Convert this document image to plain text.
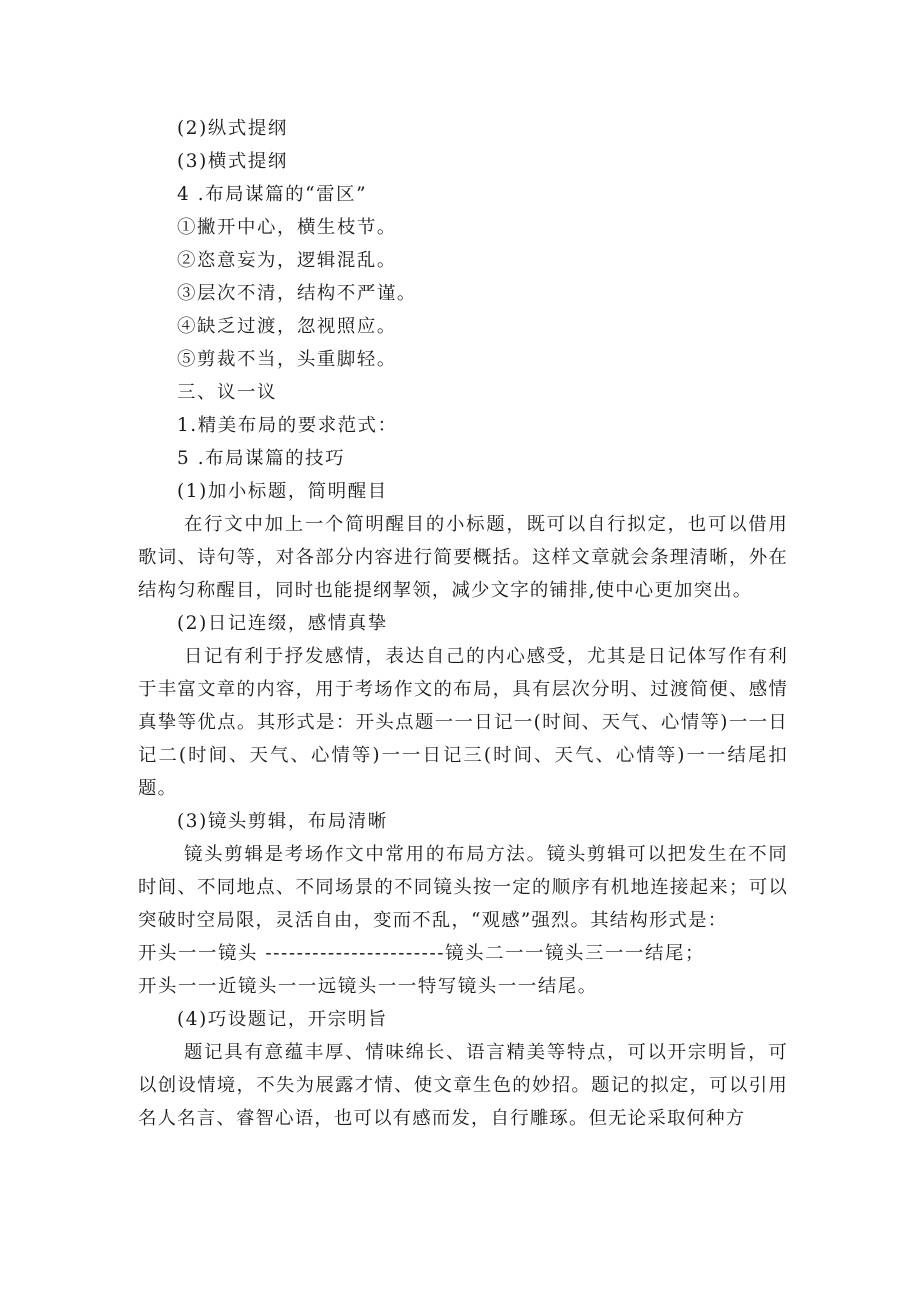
(2)纵式提纲
(3)横式提纲
4 .布局谋篇的“雷区”
①撇开中心，横生枝节。
②恣意妄为，逻辑混乱。
③层次不清，结构不严谨。
④缺乏过渡，忽视照应。
⑤剪裁不当，头重脚轻。
三、议一议
1.精美布局的要求范式：
5 .布局谋篇的技巧
(1)加小标题，简明醒目
在行文中加上一个简明醒目的小标题，既可以自行拟定，也可以借用歌词、诗句等，对各部分内容进行简要概括。这样文章就会条理清晰，外在结构匀称醒目，同时也能提纲挈领，减少文字的铺排,使中心更加突出。
(2)日记连缀，感情真挚
日记有利于抒发感情，表达自己的内心感受，尤其是日记体写作有利于丰富文章的内容，用于考场作文的布局，具有层次分明、过渡简便、感情真挚等优点。其形式是：开头点题一一日记一(时间、天气、心情等)一一日记二(时间、天气、心情等)一一日记三(时间、天气、心情等)一一结尾扣题。
(3)镜头剪辑，布局清晰
镜头剪辑是考场作文中常用的布局方法。镜头剪辑可以把发生在不同时间、不同地点、不同场景的不同镜头按一定的顺序有机地连接起来；可以突破时空局限，灵活自由，变而不乱，“观感”强烈。其结构形式是：
开头一一镜头 -----------------------镜头二一一镜头三一一结尾；
开头一一近镜头一一远镜头一一特写镜头一一结尾。
(4)巧设题记，开宗明旨
题记具有意蕴丰厚、情味绵长、语言精美等特点，可以开宗明旨，可以创设情境，不失为展露才情、使文章生色的妙招。题记的拟定，可以引用名人名言、睿智心语，也可以有感而发，自行雕琢。但无论采取何种方
